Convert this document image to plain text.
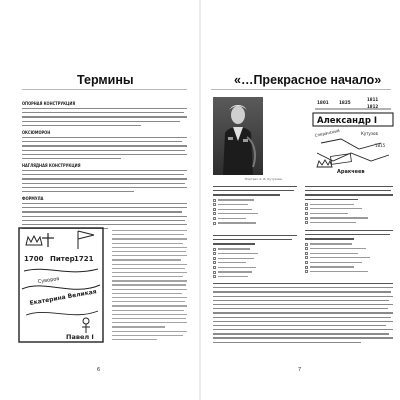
Термины
ОПОРНАЯ КОНСТРУКЦИЯ
ОКСЮМОРОН
НАГЛЯДНАЯ КОНСТРУКЦИЯ
ФОРМУЛА
1700 Питер 1721
Суворов
Екатерина Великая
Павел I
6
«…Прекрасное начало»
Портрет А. И. Кутузова
1801 1825
1811
1812
Александр I
Сперанский	Кутузов
1815
Аракчеев
7
